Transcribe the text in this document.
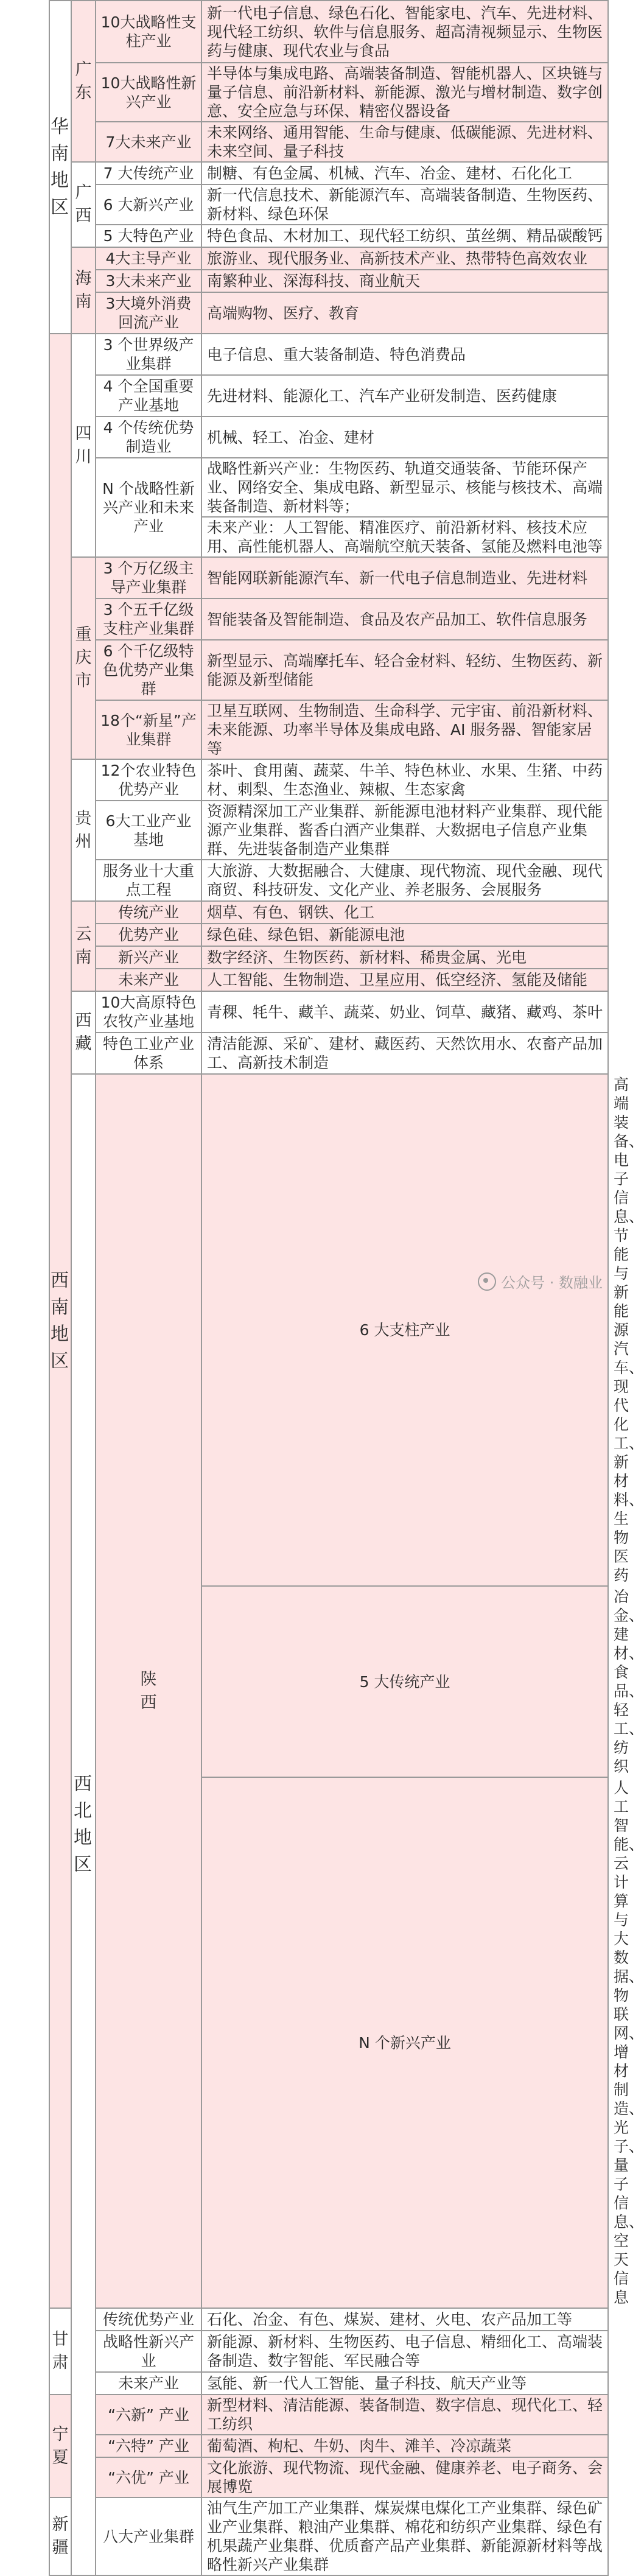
华南地区	广东	10大战略性支柱产业	新一代电子信息、绿色石化、智能家电、汽车、先进材料、现代轻工纺织、软件与信息服务、超高清视频显示、生物医药与健康、现代农业与食品	
		10大战略性新兴产业	半导体与集成电路、高端装备制造、智能机器人、区块链与量子信息、前沿新材料、新能源、激光与增材制造、数字创意、安全应急与环保、精密仪器设备	
		7大未来产业	未来网络、通用智能、生命与健康、低碳能源、先进材料、未来空间、量子科技	
	广西	7 大传统产业	制糖、有色金属、机械、汽车、冶金、建材、石化化工	
		6 大新兴产业	新一代信息技术、新能源汽车、高端装备制造、生物医药、新材料、绿色环保	
		5 大特色产业	特色食品、木材加工、现代轻工纺织、茧丝绸、精品碳酸钙	
	海南	4大主导产业	旅游业、现代服务业、高新技术产业、热带特色高效农业	
		3大未来产业	南繁种业、深海科技、商业航天	
		3大境外消费回流产业	高端购物、医疗、教育	
西南地区	四川	3 个世界级产业集群	电子信息、重大装备制造、特色消费品	
		4 个全国重要产业基地	先进材料、能源化工、汽车产业研发制造、医药健康	
		4 个传统优势制造业	机械、轻工、冶金、建材	
		N 个战略性新兴产业和未来产业	战略性新兴产业：生物医药、轨道交通装备、节能环保产业、网络安全、集成电路、新型显示、核能与核技术、高端装备制造、新材料等；	
			未来产业：人工智能、精准医疗、前沿新材料、核技术应用、高性能机器人、高端航空航天装备、氢能及燃料电池等	
	重庆市	3 个万亿级主导产业集群	智能网联新能源汽车、新一代电子信息制造业、先进材料	
		3 个五千亿级支柱产业集群	智能装备及智能制造、食品及农产品加工、软件信息服务	
		6 个千亿级特色优势产业集群	新型显示、高端摩托车、轻合金材料、轻纺、生物医药、新能源及新型储能	
		18个“新星”产业集群	卫星互联网、生物制造、生命科学、元宇宙、前沿新材料、未来能源、功率半导体及集成电路、AI 服务器、智能家居等	
	贵州	12个农业特色优势产业	茶叶、食用菌、蔬菜、牛羊、特色林业、水果、生猪、中药材、刺梨、生态渔业、辣椒、生态家禽	
		6大工业产业基地	资源精深加工产业集群、新能源电池材料产业集群、现代能源产业集群、酱香白酒产业集群、大数据电子信息产业集群、先进装备制造产业集群	
		服务业十大重点工程	大旅游、大数据融合、大健康、现代物流、现代金融、现代商贸、科技研发、文化产业、养老服务、会展服务	
	云南	传统产业	烟草、有色、钢铁、化工	
		优势产业	绿色硅、绿色铝、新能源电池	
		新兴产业	数字经济、生物医药、新材料、稀贵金属、光电	
		未来产业	人工智能、生物制造、卫星应用、低空经济、氢能及储能	
	西藏	10大高原特色农牧产业基地	青稞、牦牛、藏羊、蔬菜、奶业、饲草、藏猪、藏鸡、茶叶	
		特色工业产业体系	清洁能源、采矿、建材、藏医药、天然饮用水、农畜产品加工、高新技术制造	
	西北地区	陕西	6 大支柱产业	高端装备、电子信息、节能与新能源汽车、现代化工、新材料、生物医药
			5 大传统产业	冶金、建材、食品、轻工、纺织
			N 个新兴产业	人工智能、云计算与大数据、物联网、增材制造、光子、量子信息、空天信息
甘肃		传统优势产业	石化、冶金、有色、煤炭、建材、火电、农产品加工等	
		战略性新兴产业	新能源、新材料、生物医药、电子信息、精细化工、高端装备制造、数字智能、军民融合等	
		未来产业	氢能、新一代人工智能、量子科技、航天产业等	
宁夏		“六新” 产业	新型材料、清洁能源、装备制造、数字信息、现代化工、轻工纺织	
		“六特” 产业	葡萄酒、枸杞、牛奶、肉牛、滩羊、冷凉蔬菜	
		“六优” 产业	文化旅游、现代物流、现代金融、健康养老、电子商务、会展博览	
新疆		八大产业集群	油气生产加工产业集群、煤炭煤电煤化工产业集群、绿色矿业产业集群、粮油产业集群、棉花和纺织产业集群、绿色有机果蔬产业集群、优质畜产品产业集群、新能源新材料等战略性新兴产业集群	
公众号 · 数融业
